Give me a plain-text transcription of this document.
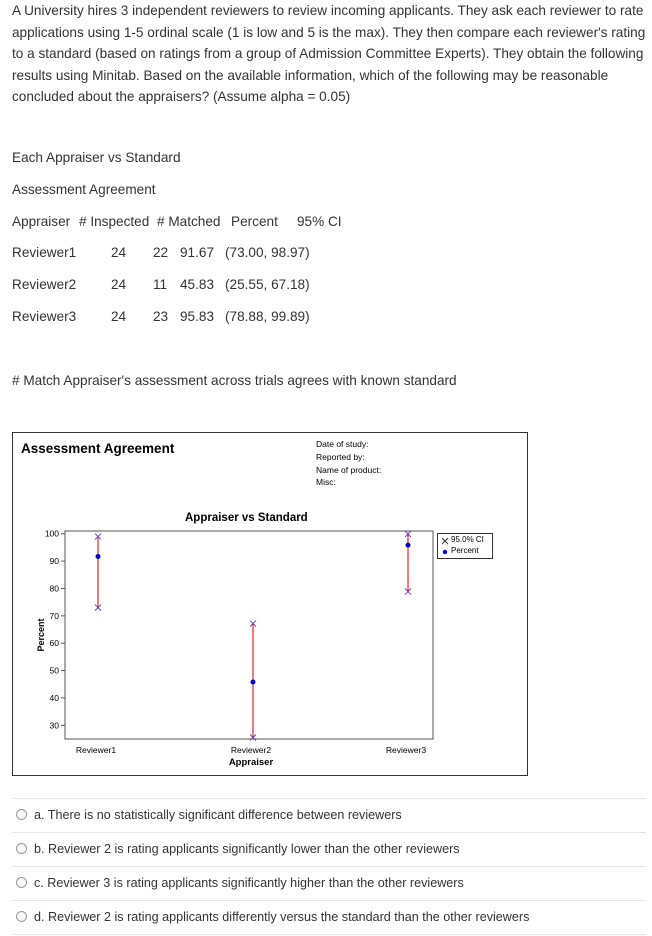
A University hires 3 independent reviewers to review incoming applicants. They ask each reviewer to rate applications using 1-5 ordinal scale (1 is low and 5 is the max). They then compare each reviewer's rating to a standard (based on ratings from a group of Admission Committee Experts). They obtain the following results using Minitab. Based on the available information, which of the following may be reasonable concluded about the appraisers? (Assume alpha = 0.05)
Each Appraiser vs Standard
Assessment Agreement
Appraiser # Inspected # Matched Percent 95% CI
Reviewer1	24 22 91.67 (73.00, 98.97)
Reviewer2	24 11 45.83 (25.55, 67.18)
Reviewer3	24 23 95.83 (78.88, 99.89)
# Match Appraiser's assessment across trials agrees with known standard
Assessment Agreement	Date of study:
Reported by:
Name of product:
Misc:
Appraiser vs Standard
100
90
80
70
60
50
40
30
Percent
Appraiser
Reviewer1	Reviewer2	Reviewer3
95.0% CI
Percent
a. There is no statistically significant difference between reviewers
b. Reviewer 2 is rating applicants significantly lower than the other reviewers
c. Reviewer 3 is rating applicants significantly higher than the other reviewers
d. Reviewer 2 is rating applicants differently versus the standard than the other reviewers
